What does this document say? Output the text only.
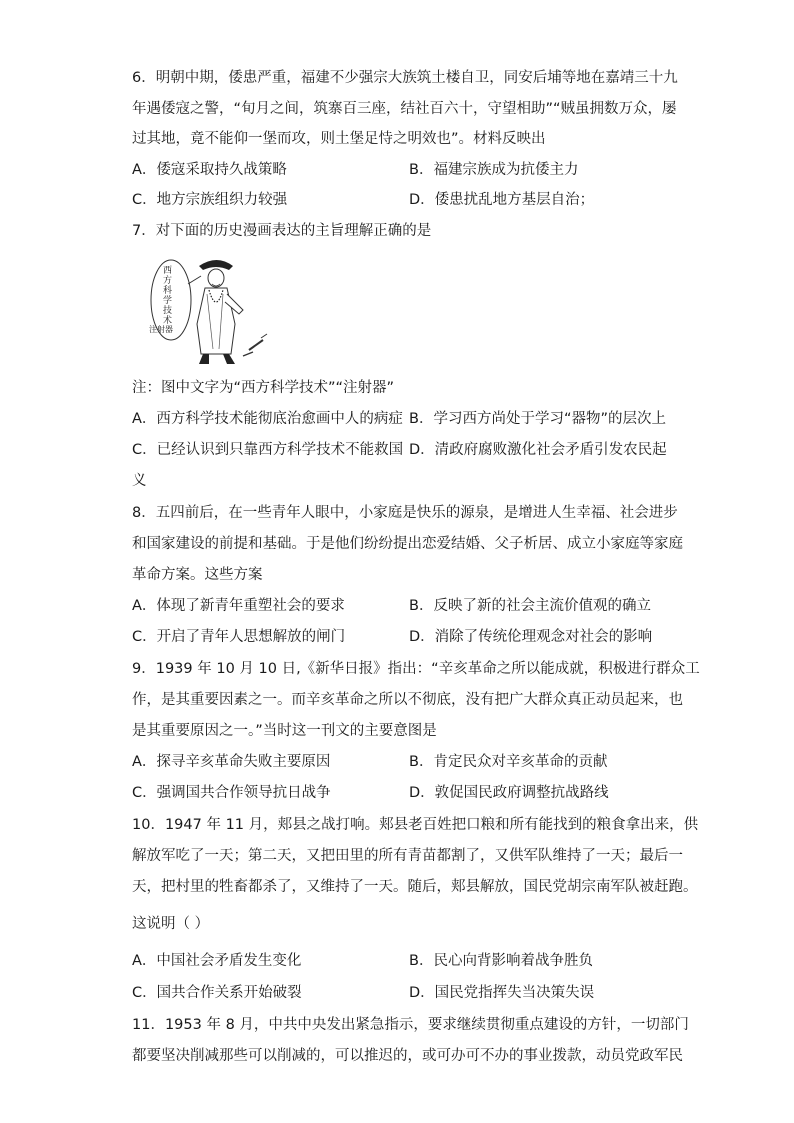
6．明朝中期，倭患严重，福建不少强宗大族筑土楼自卫，同安后埔等地在嘉靖三十九
年遇倭寇之警，“旬月之间，筑寨百三座，结社百六十，守望相助”“贼虽拥数万众，屡
过其地，竟不能仰一堡而攻，则土堡足恃之明效也”。材料反映出
A．倭寇采取持久战策略	B．福建宗族成为抗倭主力
C．地方宗族组织力较强	D．倭患扰乱地方基层自治；
7．对下面的历史漫画表达的主旨理解正确的是
西方科学技术
注射器
注：图中文字为“西方科学技术”“注射器”
A．西方科学技术能彻底治愈画中人的病症 B．学习西方尚处于学习“器物”的层次上
C．已经认识到只靠西方科学技术不能救国 D．清政府腐败激化社会矛盾引发农民起
义
8．五四前后，在一些青年人眼中，小家庭是快乐的源泉，是增进人生幸福、社会进步
和国家建设的前提和基础。于是他们纷纷提出恋爱结婚、父子析居、成立小家庭等家庭
革命方案。这些方案
A．体现了新青年重塑社会的要求	B．反映了新的社会主流价值观的确立
C．开启了青年人思想解放的闸门	D．消除了传统伦理观念对社会的影响
9．1939 年 10 月 10 日,《新华日报》指出：“辛亥革命之所以能成就，积极进行群众工
作，是其重要因素之一。而辛亥革命之所以不彻底，没有把广大群众真正动员起来，也
是其重要原因之一。”当时这一刊文的主要意图是
A．探寻辛亥革命失败主要原因	B．肯定民众对辛亥革命的贡献
C．强调国共合作领导抗日战争	D．敦促国民政府调整抗战路线
10．1947 年 11 月，郏县之战打响。郏县老百姓把口粮和所有能找到的粮食拿出来，供
解放军吃了一天；第二天，又把田里的所有青苗都割了，又供军队维持了一天；最后一
天，把村里的牲畜都杀了，又维持了一天。随后，郏县解放，国民党胡宗南军队被赶跑。
这说明（ ）
A．中国社会矛盾发生变化	B．民心向背影响着战争胜负
C．国共合作关系开始破裂	D．国民党指挥失当决策失误
11．1953 年 8 月，中共中央发出紧急指示，要求继续贯彻重点建设的方针，一切部门
都要坚决削减那些可以削减的，可以推迟的，或可办可不办的事业拨款，动员党政军民
